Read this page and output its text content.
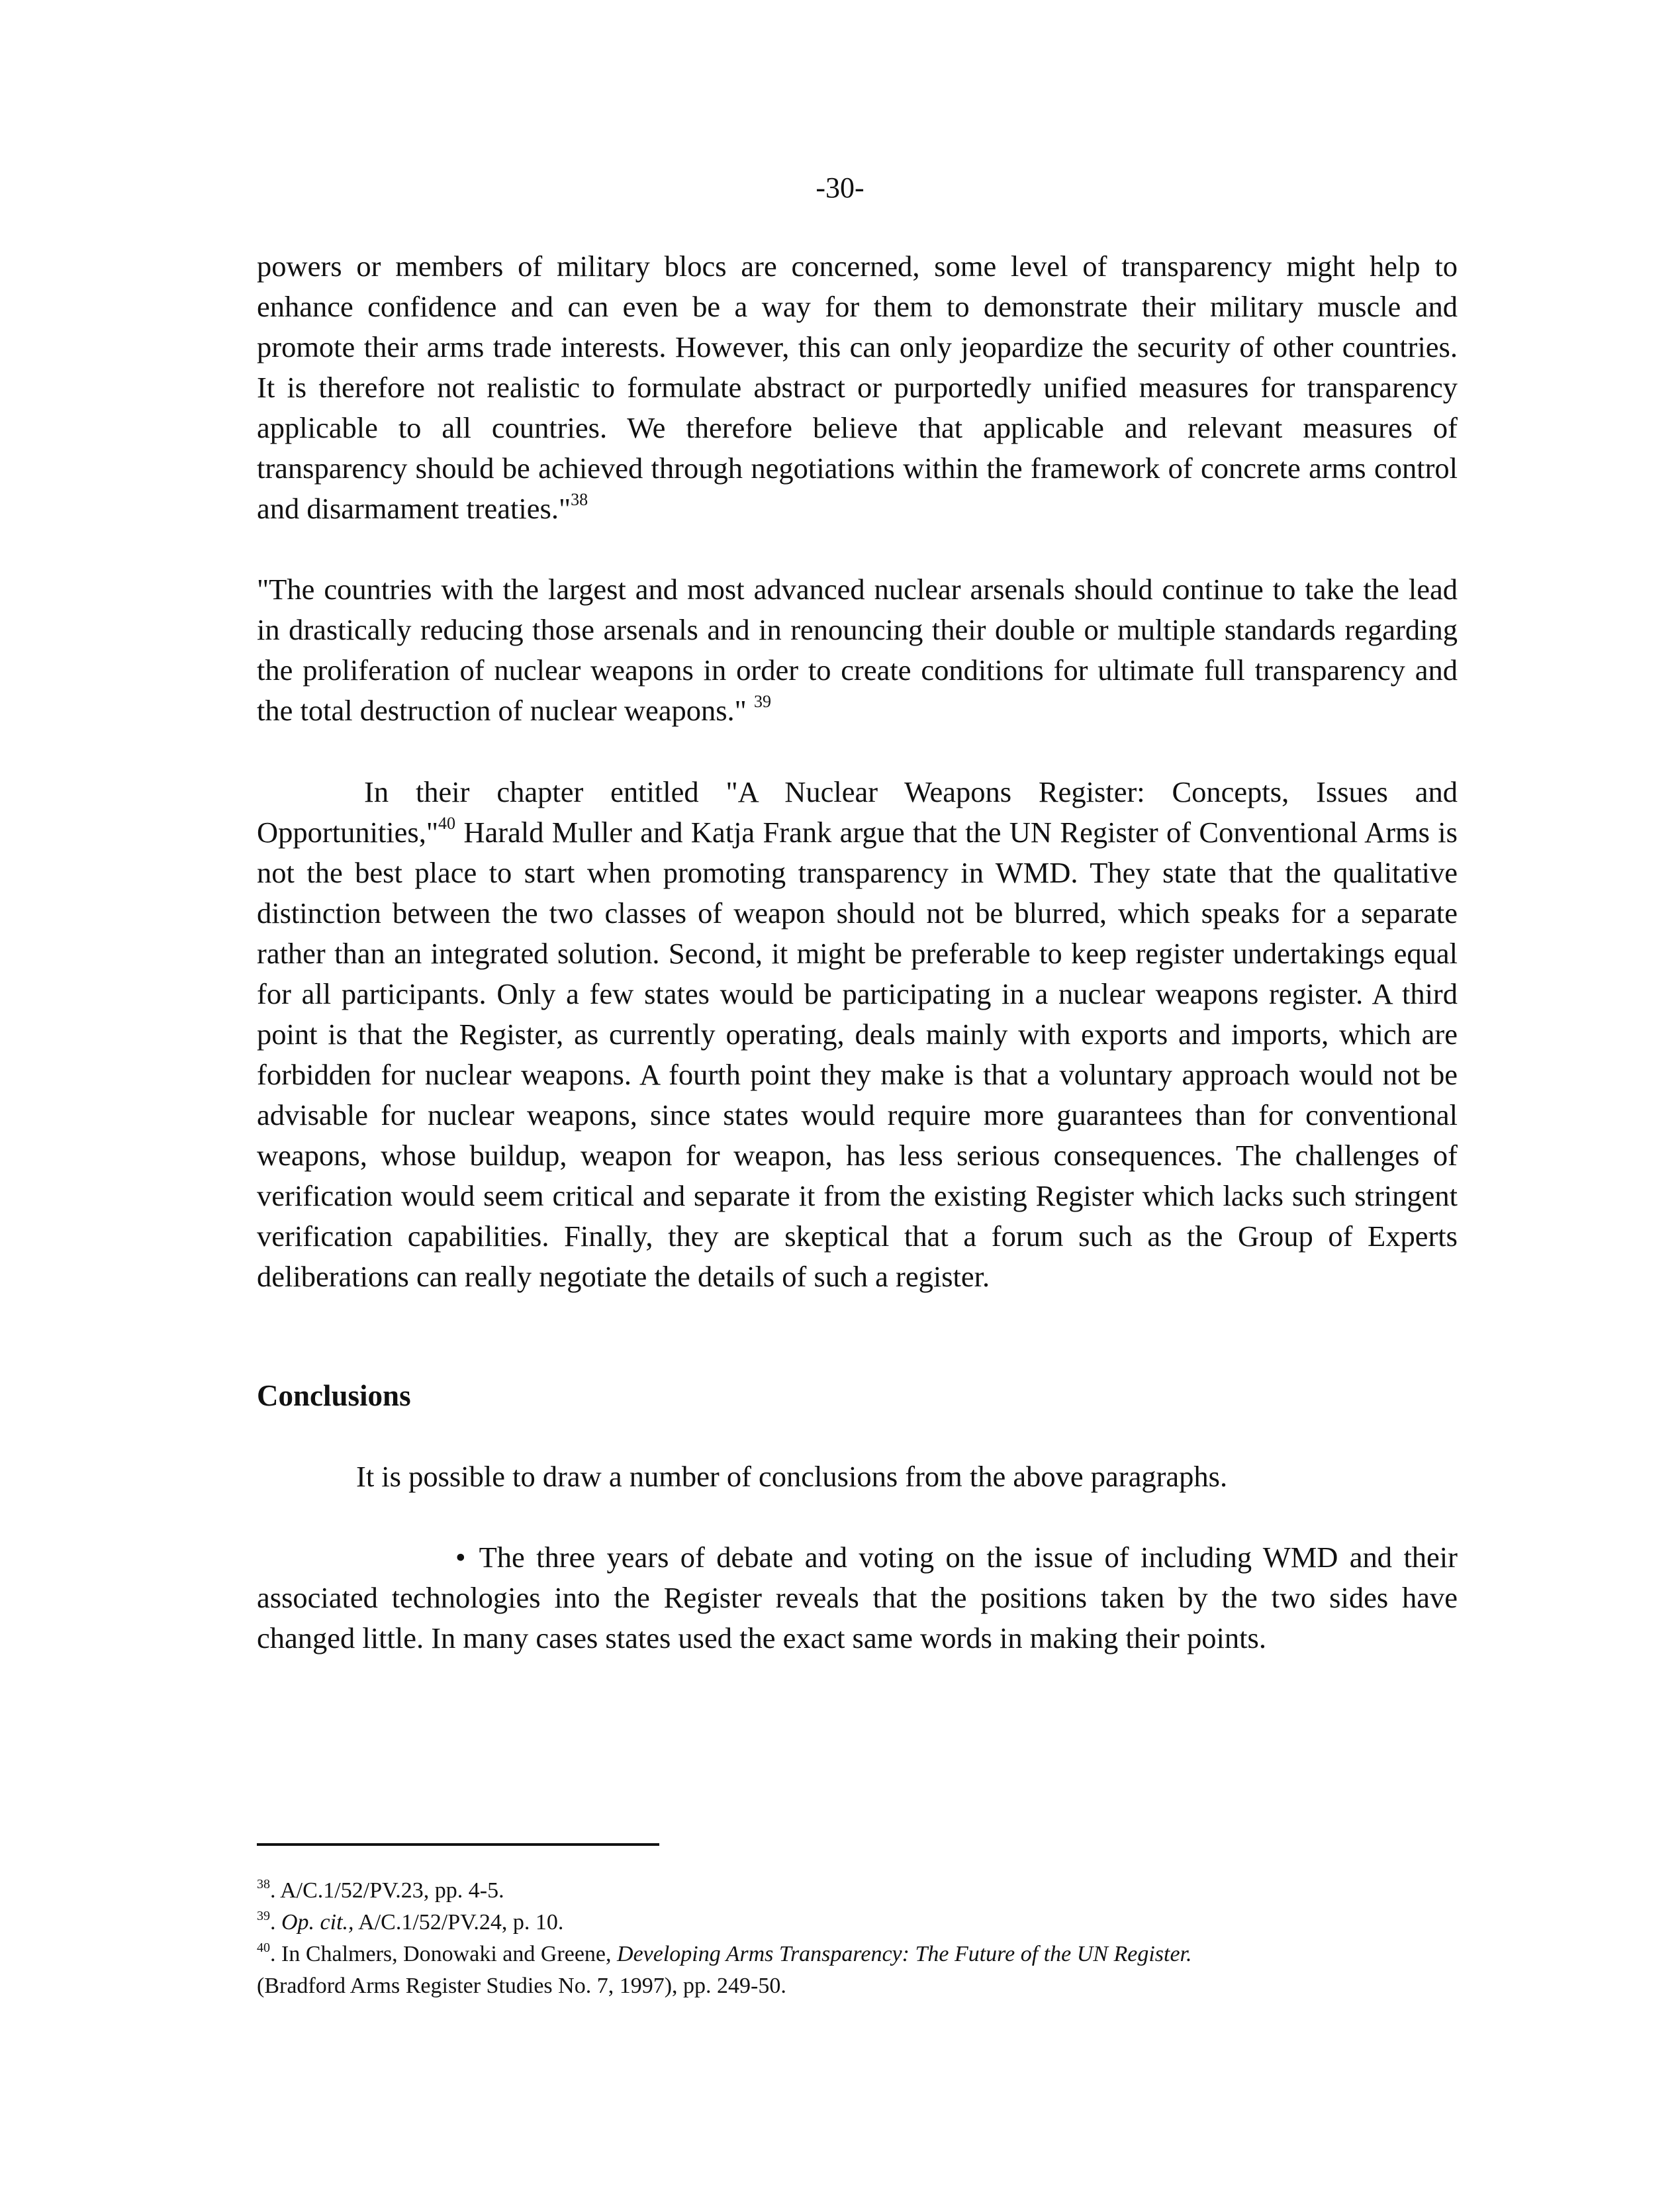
-30-

powers or members of military blocs are concerned, some level of transparency might help to enhance confidence and can even be a way for them to demonstrate their military muscle and promote their arms trade interests. However, this can only jeopardize the security of other countries. It is therefore not realistic to formulate abstract or purportedly unified measures for transparency applicable to all countries. We therefore believe that applicable and relevant measures of transparency should be achieved through negotiations within the framework of concrete arms control and disarmament treaties."$^{38}$

"The countries with the largest and most advanced nuclear arsenals should continue to take the lead in drastically reducing those arsenals and in renouncing their double or multiple standards regarding the proliferation of nuclear weapons in order to create conditions for ultimate full transparency and the total destruction of nuclear weapons." $^{39}$

In their chapter entitled "A Nuclear Weapons Register: Concepts, Issues and Opportunities,"$^{40}$ Harald Muller and Katja Frank argue that the UN Register of Conventional Arms is not the best place to start when promoting transparency in WMD. They state that the qualitative distinction between the two classes of weapon should not be blurred, which speaks for a separate rather than an integrated solution. Second, it might be preferable to keep register undertakings equal for all participants. Only a few states would be participating in a nuclear weapons register. A third point is that the Register, as currently operating, deals mainly with exports and imports, which are forbidden for nuclear weapons. A fourth point they make is that a voluntary approach would not be advisable for nuclear weapons, since states would require more guarantees than for conventional weapons, whose buildup, weapon for weapon, has less serious consequences. The challenges of verification would seem critical and separate it from the existing Register which lacks such stringent verification capabilities. Finally, they are skeptical that a forum such as the Group of Experts deliberations can really negotiate the details of such a register.

Conclusions

It is possible to draw a number of conclusions from the above paragraphs.

• The three years of debate and voting on the issue of including WMD and their associated technologies into the Register reveals that the positions taken by the two sides have changed little. In many cases states used the exact same words in making their points.

$^{38}$. A/C.1/52/PV.23, pp. 4-5.

$^{39}$. Op. cit., A/C.1/52/PV.24, p. 10.

$^{40}$. In Chalmers, Donowaki and Greene, Developing Arms Transparency: The Future of the UN Register.
(Bradford Arms Register Studies No. 7, 1997), pp. 249-50.
